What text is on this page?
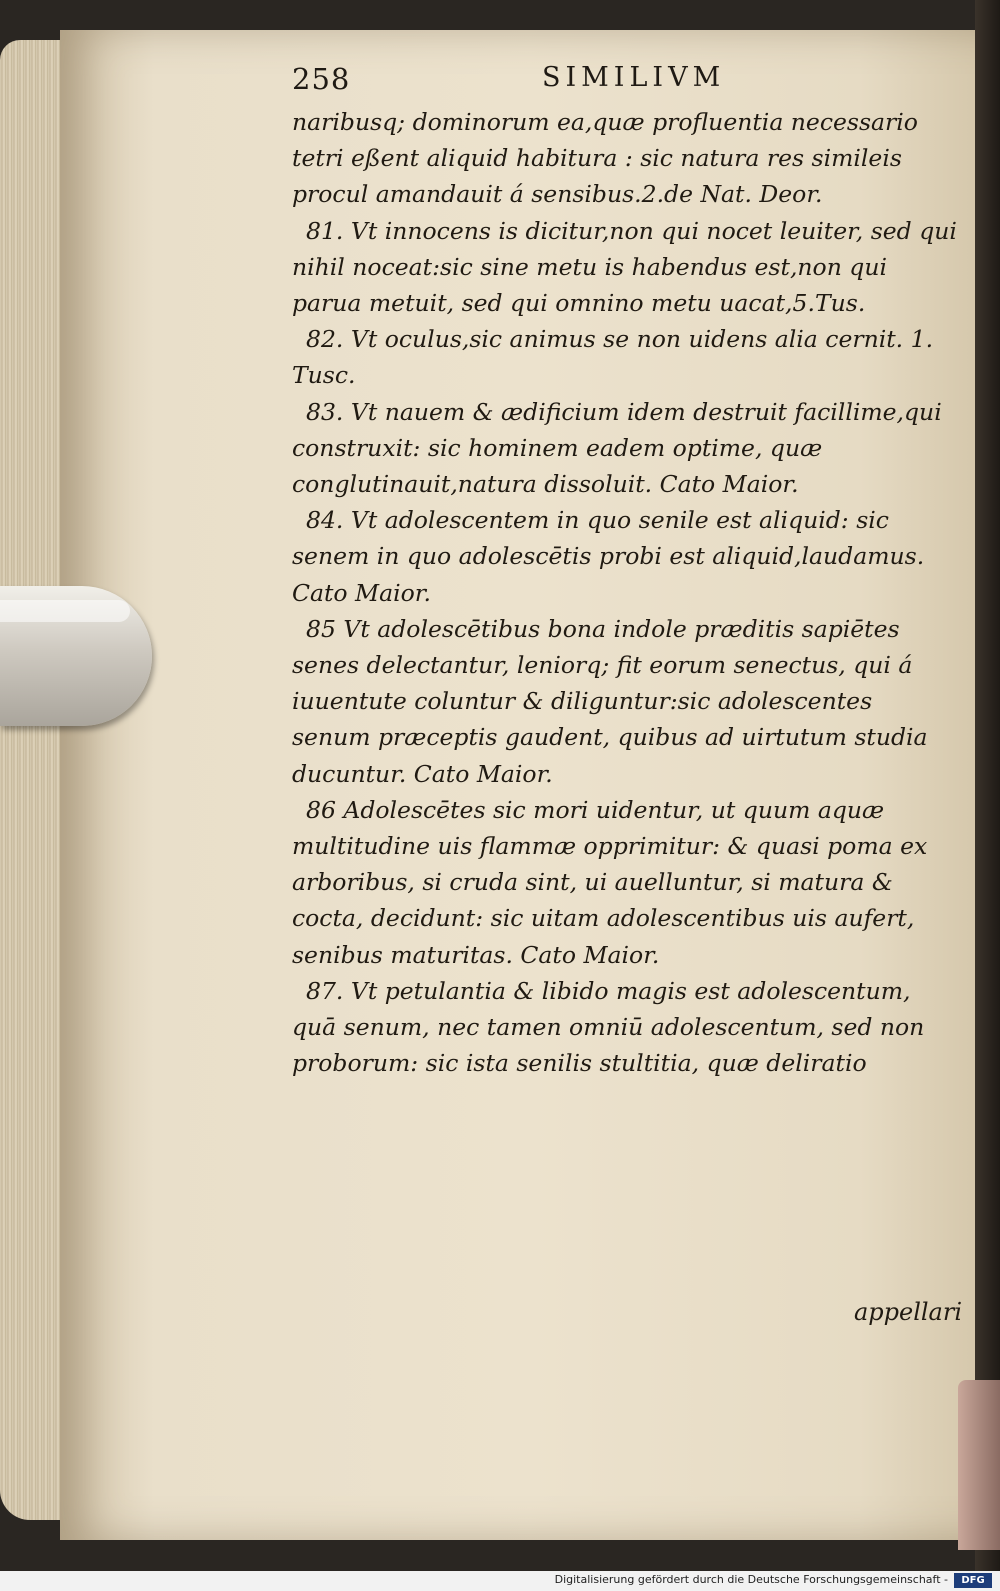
258	SIMILIVM

naribusq; dominorum ea,quæ profluentia necessario tetri eßent aliquid habitura : sic natura res simileis procul amandauit á sensibus.2.de Nat. Deor.

81. Vt innocens is dicitur,non qui nocet leuiter, sed qui nihil noceat:sic sine metu is habendus est,non qui parua metuit, sed qui omnino metu uacat,5.Tus.

82. Vt oculus,sic animus se non uidens alia cernit. 1. Tusc.

83. Vt nauem & ædificium idem destruit facillime,qui construxit: sic hominem eadem optime, quæ conglutinauit,natura dissoluit. Cato Maior.

84. Vt adolescentem in quo senile est aliquid: sic senem in quo adolescētis probi est aliquid,laudamus. Cato Maior.

85 Vt adolescētibus bona indole præditis sapiētes senes delectantur, leniorq; fit eorum senectus, qui á iuuentute coluntur & diliguntur:sic adolescentes senum præceptis gaudent, quibus ad uirtutum studia ducuntur. Cato Maior.

86 Adolescētes sic mori uidentur, ut quum aquæ multitudine uis flammæ opprimitur: & quasi poma ex arboribus, si cruda sint, ui auelluntur, si matura & cocta, decidunt: sic uitam adolescentibus uis aufert, senibus maturitas. Cato Maior.

87. Vt petulantia & libido magis est adolescentum, quā senum, nec tamen omniū adolescentum, sed non proborum: sic ista senilis stultitia, quæ deliratio

appellari
Digitalisierung gefördert durch die Deutsche Forschungsgemeinschaft -	DFG
